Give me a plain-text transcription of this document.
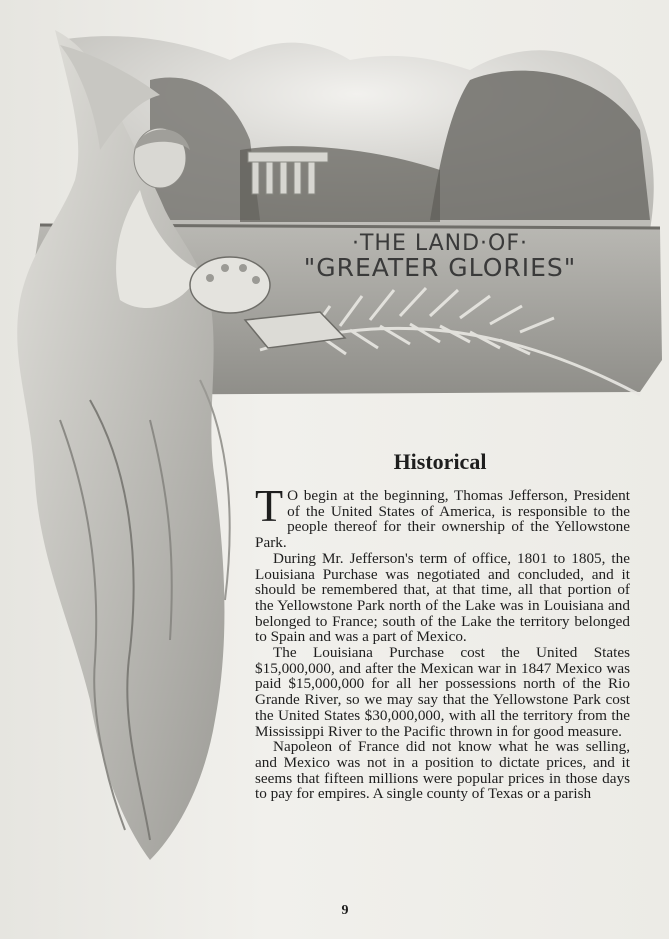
·THE LAND·OF·
"GREATER GLORIES"
Historical

T O begin at the beginning, Thomas Jefferson, President of the United States of America, is responsible to the people thereof for their ownership of the Yellowstone Park.

During Mr. Jefferson's term of office, 1801 to 1805, the Louisiana Purchase was negotiated and concluded, and it should be remembered that, at that time, all that portion of the Yellowstone Park north of the Lake was in Louisiana and belonged to France; south of the Lake the territory belonged to Spain and was a part of Mexico.

The Louisiana Purchase cost the United States $15,000,000, and after the Mexican war in 1847 Mexico was paid $15,000,000 for all her possessions north of the Rio Grande River, so we may say that the Yellowstone Park cost the United States $30,000,000, with all the territory from the Mississippi River to the Pacific thrown in for good measure.

Napoleon of France did not know what he was selling, and Mexico was not in a position to dictate prices, and it seems that fifteen millions were popular prices in those days to pay for empires. A single county of Texas or a parish

9
